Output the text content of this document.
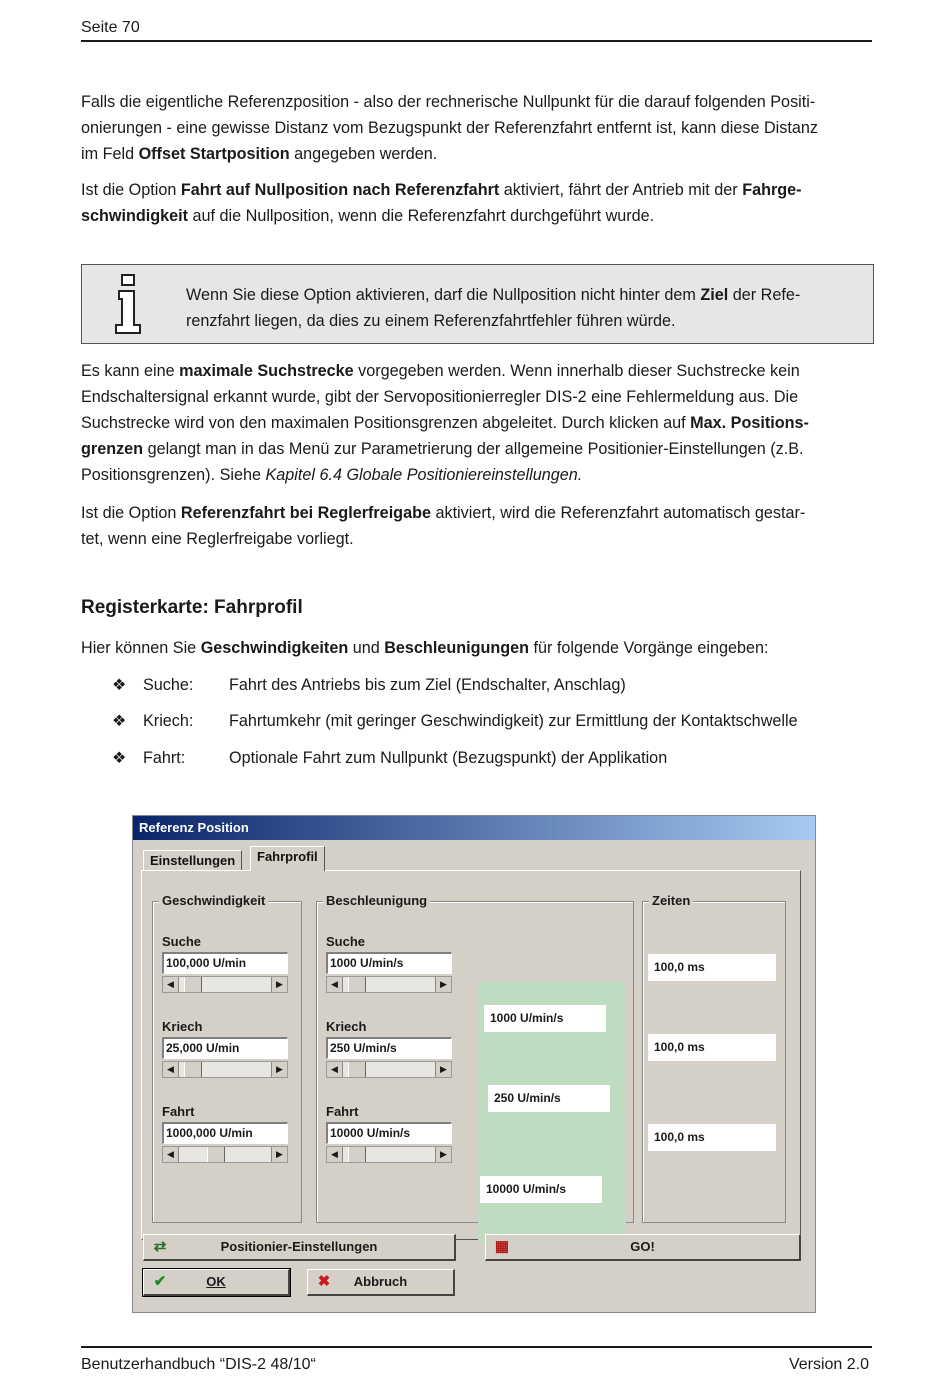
Seite 70

Falls die eigentliche Referenzposition - also der rechnerische Nullpunkt für die darauf folgenden Positi-

onierungen - eine gewisse Distanz vom Bezugspunkt der Referenzfahrt entfernt ist, kann diese Distanz

im Feld Offset Startposition angegeben werden.

Ist die Option Fahrt auf Nullposition nach Referenzfahrt aktiviert, fährt der Antrieb mit der Fahrge-

schwindigkeit auf die Nullposition, wenn die Referenzfahrt durchgeführt wurde.

Wenn Sie diese Option aktivieren, darf die Nullposition nicht hinter dem Ziel der Refe-
renzfahrt liegen, da dies zu einem Referenzfahrtfehler führen würde.

Es kann eine maximale Suchstrecke vorgegeben werden. Wenn innerhalb dieser Suchstrecke kein

Endschaltersignal erkannt wurde, gibt der Servopositionierregler DIS-2 eine Fehlermeldung aus. Die

Suchstrecke wird von den maximalen Positionsgrenzen abgeleitet. Durch klicken auf Max. Positions-

grenzen gelangt man in das Menü zur Parametrierung der allgemeine Positionier-Einstellungen (z.B.

Positionsgrenzen). Siehe Kapitel 6.4 Globale Positioniereinstellungen.

Ist die Option Referenzfahrt bei Reglerfreigabe aktiviert, wird die Referenzfahrt automatisch gestar-

tet, wenn eine Reglerfreigabe vorliegt.

Registerkarte: Fahrprofil

Hier können Sie Geschwindigkeiten und Beschleunigungen für folgende Vorgänge eingeben:

❖ Suche: Fahrt des Antriebs bis zum Ziel (Endschalter, Anschlag)
❖ Kriech: Fahrtumkehr (mit geringer Geschwindigkeit) zur Ermittlung der Kontaktschwelle
❖ Fahrt:	Optionale Fahrt zum Nullpunkt (Bezugspunkt) der Applikation
Referenz Position
Einstellungen	Fahrprofil
Geschwindigkeit
Suche
100,000 U/min
◀	▶
Kriech
25,000 U/min
◀	▶
Fahrt
1000,000 U/min
◀	▶
Beschleunigung
Suche
1000 U/min/s
◀	▶
Kriech
250 U/min/s
◀	▶
Fahrt
10000 U/min/s
◀	▶
1000 U/min/s
250 U/min/s
10000 U/min/s
Zeiten
100,0 ms
100,0 ms
100,0 ms
⇄	Positionier-Einstellungen	▦	GO!
✔	OK	✖ Abbruch
Benutzerhandbuch “DIS-2 48/10“	Version 2.0
